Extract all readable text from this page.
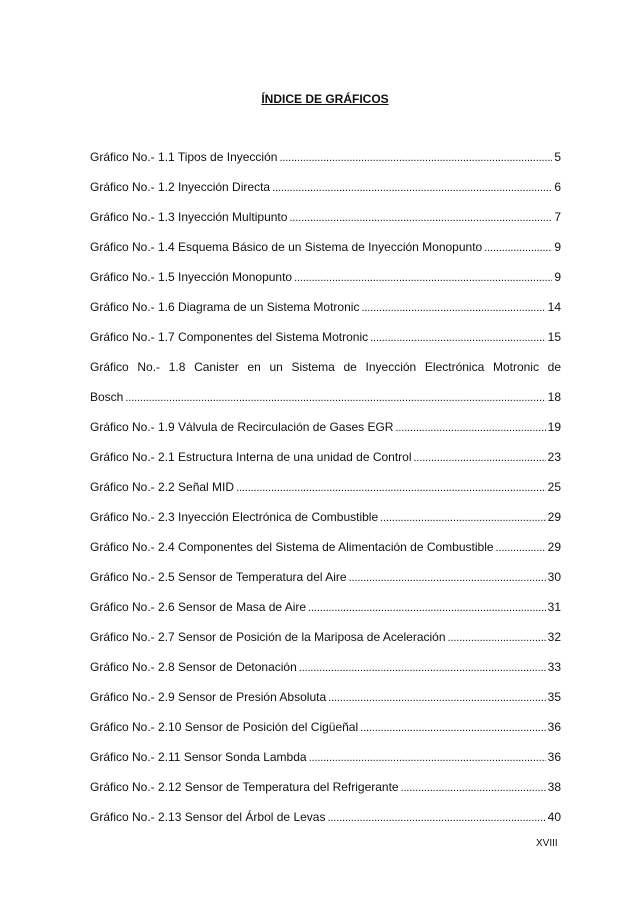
ÍNDICE DE GRÁFICOS
Gráfico No.- 1.1 Tipos de Inyección . . .	5
Gráfico No.- 1.2 Inyección Directa . . .	6
Gráfico No.- 1.3 Inyección Multipunto . . .	7
Gráfico No.- 1.4 Esquema Básico de un Sistema de Inyección Monopunto . . .	9
Gráfico No.- 1.5 Inyección Monopunto . . .	9
Gráfico No.- 1.6 Diagrama de un Sistema Motronic . . .	14
Gráfico No.- 1.7 Componentes del Sistema Motronic . . .	15
Gráfico No.- 1.8 Canister en un Sistema de Inyección Electrónica Motronic de
Bosch . . .	18
Gráfico No.- 1.9 Válvula de Recirculación de Gases EGR . . .	19
Gráfico No.- 2.1 Estructura Interna de una unidad de Control . . .	23
Gráfico No.- 2.2 Señal MID . . .	25
Gráfico No.- 2.3 Inyección Electrónica de Combustible . . .	29
Gráfico No.- 2.4 Componentes del Sistema de Alimentación de Combustible . . .	29
Gráfico No.- 2.5 Sensor de Temperatura del Aire . . .	30
Gráfico No.- 2.6 Sensor de Masa de Aire . . .	31
Gráfico No.- 2.7 Sensor de Posición de la Mariposa de Aceleración . . .	32
Gráfico No.- 2.8 Sensor de Detonación . . .	33
Gráfico No.- 2.9 Sensor de Presión Absoluta . . .	35
Gráfico No.- 2.10 Sensor de Posición del Cigüeñal . . .	36
Gráfico No.- 2.11 Sensor Sonda Lambda . . .	36
Gráfico No.- 2.12 Sensor de Temperatura del Refrigerante . . .	38
Gráfico No.- 2.13 Sensor del Árbol de Levas . . .	40
XVIII
